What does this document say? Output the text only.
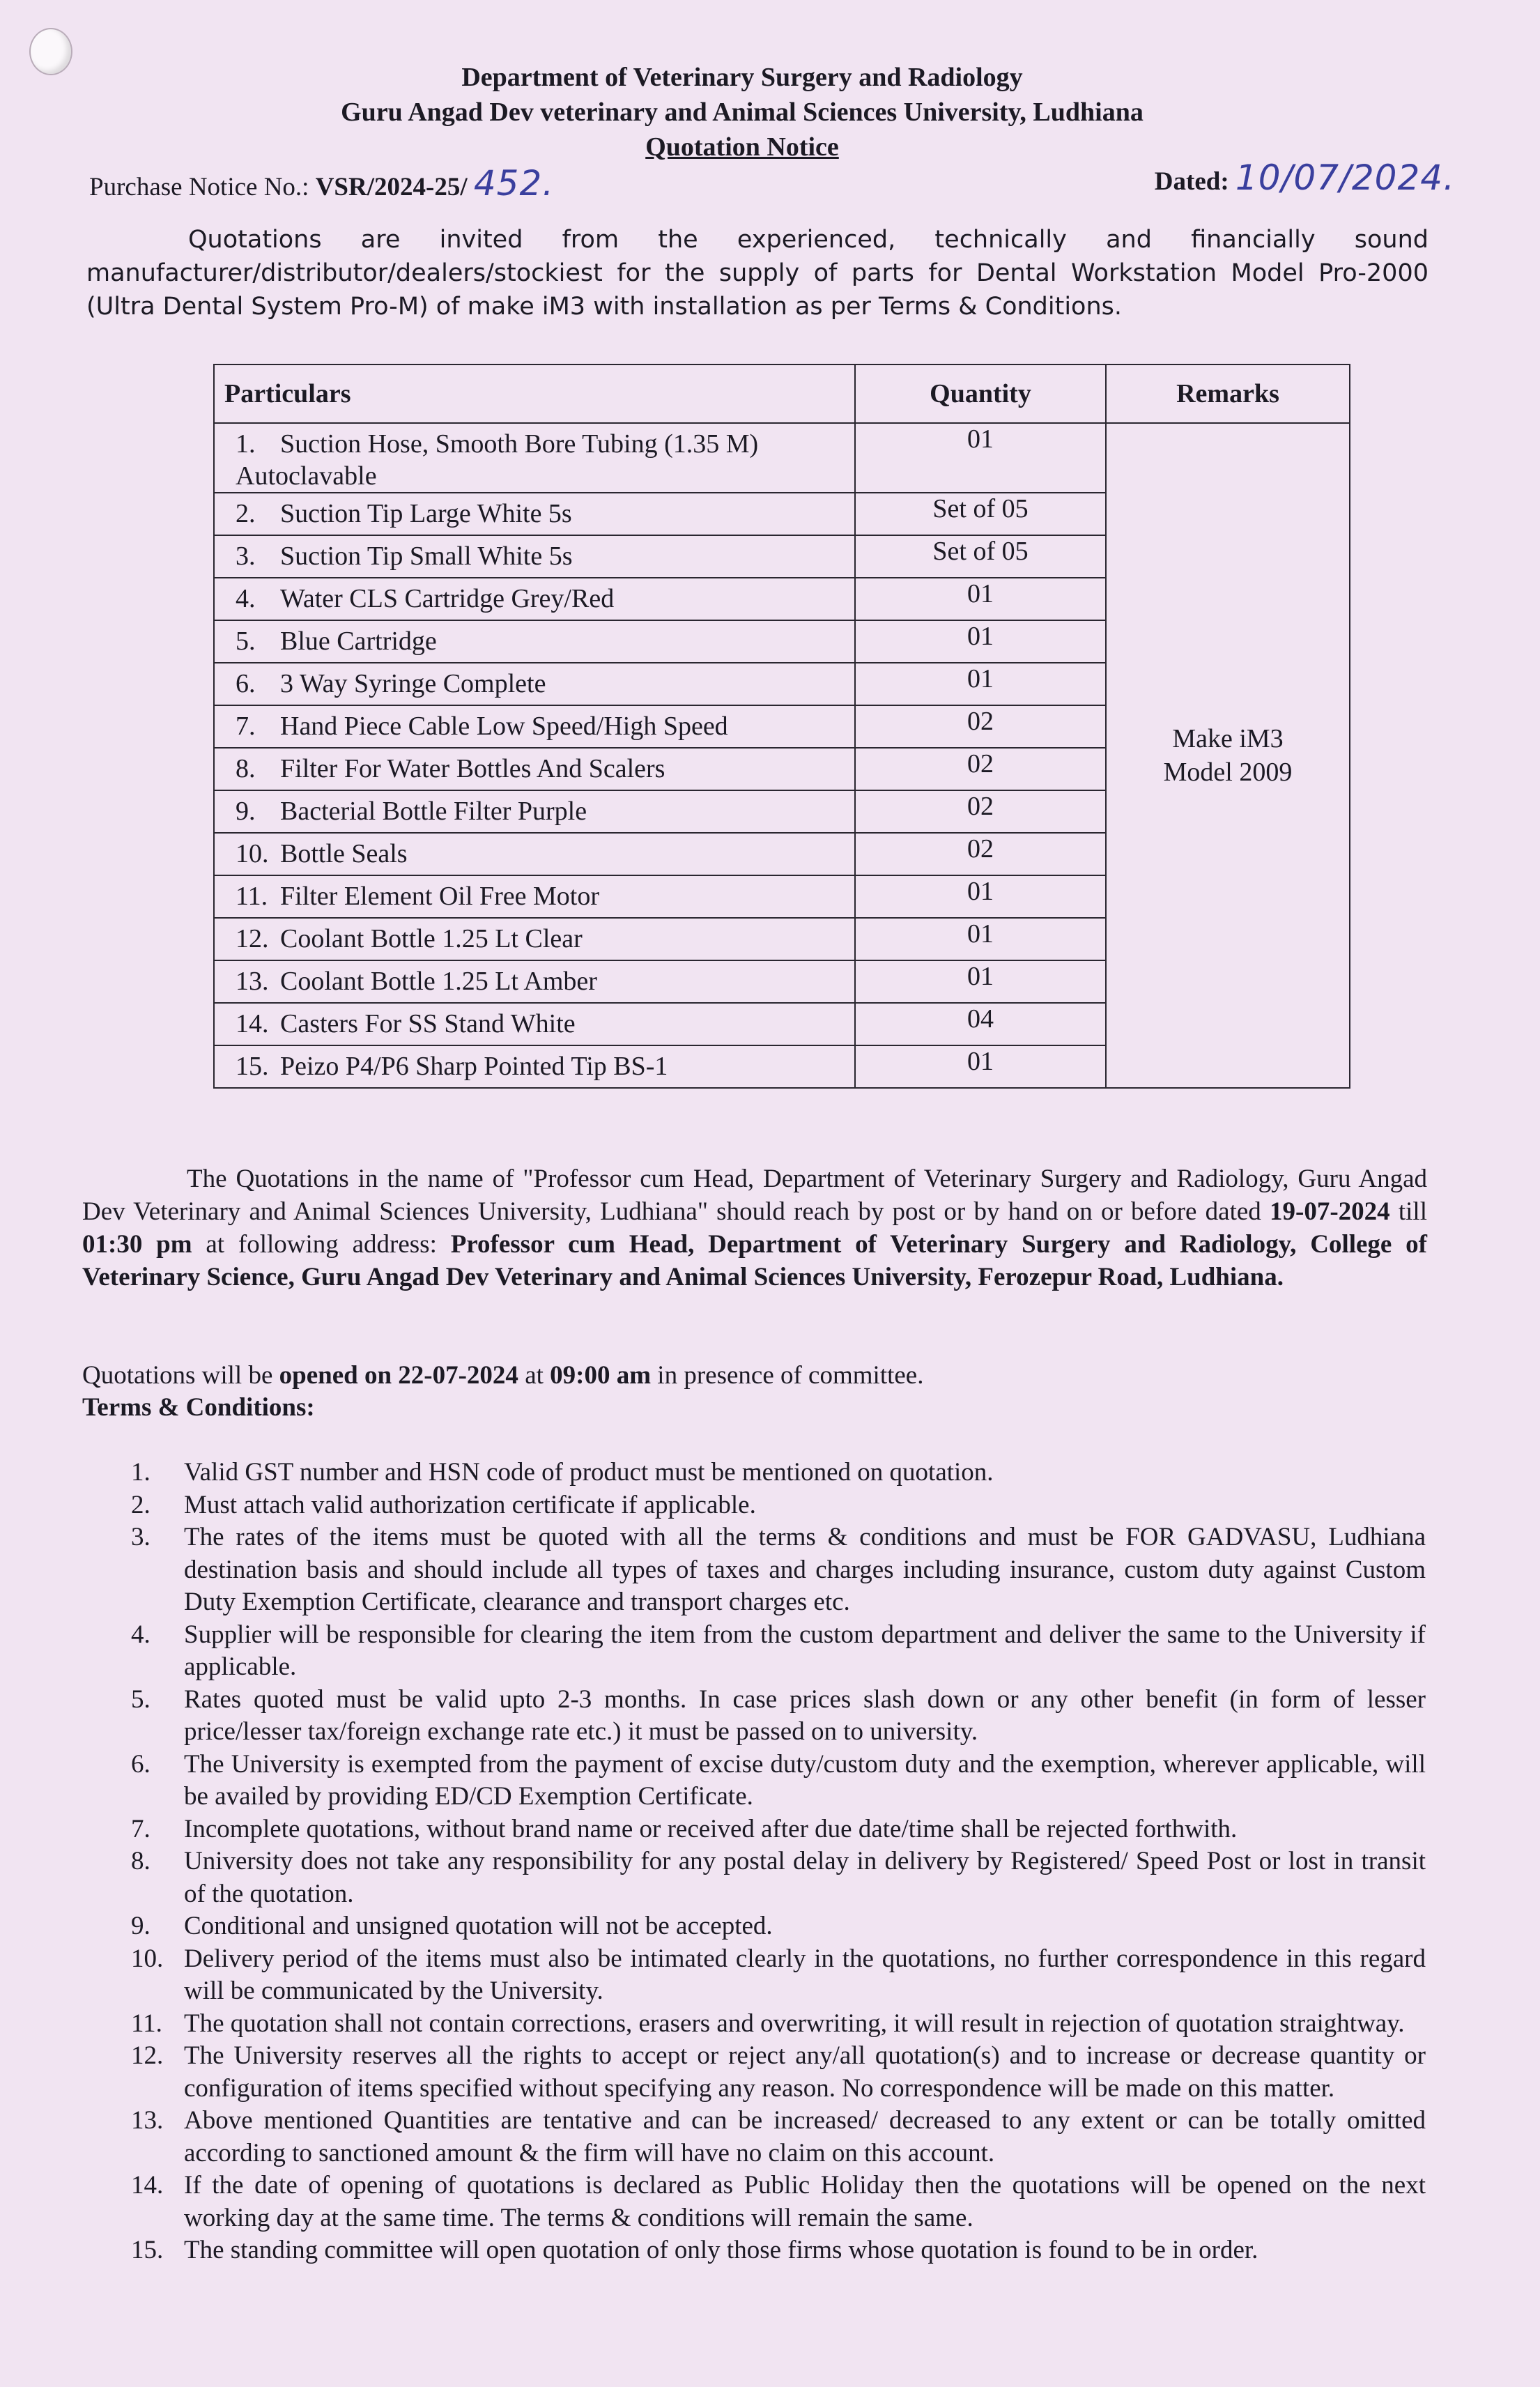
Department of Veterinary Surgery and Radiology
Guru Angad Dev veterinary and Animal Sciences University, Ludhiana
Quotation Notice
Purchase Notice No.: VSR/2024-25/ 452.	Dated: 10/07/2024.
Quotations are invited from the experienced, technically and financially sound manufacturer/distributor/dealers/stockiest for the supply of parts for Dental Workstation Model Pro-2000 (Ultra Dental System Pro-M) of make iM3 with installation as per Terms & Conditions.
Particulars	Quantity	Remarks
1. Suction Hose, Smooth Bore Tubing (1.35 M) Autoclavable	01	Make iM3
Model 2009

2. Suction Tip Large White 5s	Set of 05	
3. Suction Tip Small White 5s	Set of 05	
4. Water CLS Cartridge Grey/Red	01	
5. Blue Cartridge	01	
6. 3 Way Syringe Complete	01	
7. Hand Piece Cable Low Speed/High Speed	02	
8. Filter For Water Bottles And Scalers	02	
9. Bacterial Bottle Filter Purple	02	
10. Bottle Seals	02	
11. Filter Element Oil Free Motor	01	
12. Coolant Bottle 1.25 Lt Clear	01	
13. Coolant Bottle 1.25 Lt Amber	01	
14. Casters For SS Stand White	04	
15. Peizo P4/P6 Sharp Pointed Tip BS-1	01	
The Quotations in the name of "Professor cum Head, Department of Veterinary Surgery and Radiology, Guru Angad Dev Veterinary and Animal Sciences University, Ludhiana" should reach by post or by hand on or before dated 19-07-2024 till 01:30 pm at following address: Professor cum Head, Department of Veterinary Surgery and Radiology, College of Veterinary Science, Guru Angad Dev Veterinary and Animal Sciences University, Ferozepur Road, Ludhiana.
Quotations will be opened on 22-07-2024 at 09:00 am in presence of committee.
Terms & Conditions:
1. Valid GST number and HSN code of product must be mentioned on quotation.
2. Must attach valid authorization certificate if applicable.
3. The rates of the items must be quoted with all the terms & conditions and must be FOR GADVASU, Ludhiana destination basis and should include all types of taxes and charges including insurance, custom duty against Custom Duty Exemption Certificate, clearance and transport charges etc.
4. Supplier will be responsible for clearing the item from the custom department and deliver the same to the University if applicable.
5. Rates quoted must be valid upto 2-3 months. In case prices slash down or any other benefit (in form of lesser price/lesser tax/foreign exchange rate etc.) it must be passed on to university.
6. The University is exempted from the payment of excise duty/custom duty and the exemption, wherever applicable, will be availed by providing ED/CD Exemption Certificate.
7. Incomplete quotations, without brand name or received after due date/time shall be rejected forthwith.
8. University does not take any responsibility for any postal delay in delivery by Registered/ Speed Post or lost in transit of the quotation.
9. Conditional and unsigned quotation will not be accepted.
10. Delivery period of the items must also be intimated clearly in the quotations, no further correspondence in this regard will be communicated by the University.
11. The quotation shall not contain corrections, erasers and overwriting, it will result in rejection of quotation straightway.
12. The University reserves all the rights to accept or reject any/all quotation(s) and to increase or decrease quantity or configuration of items specified without specifying any reason. No correspondence will be made on this matter.
13. Above mentioned Quantities are tentative and can be increased/ decreased to any extent or can be totally omitted according to sanctioned amount & the firm will have no claim on this account.
14. If the date of opening of quotations is declared as Public Holiday then the quotations will be opened on the next working day at the same time. The terms & conditions will remain the same.
15. The standing committee will open quotation of only those firms whose quotation is found to be in order.
